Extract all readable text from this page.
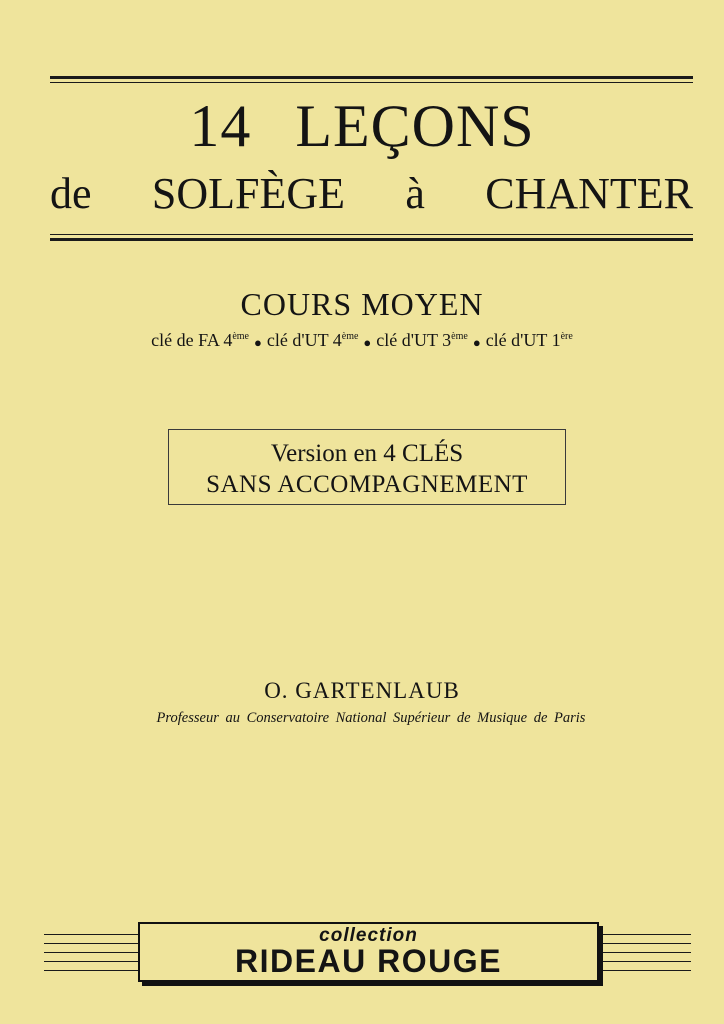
14 LEÇONS
de SOLFÈGE à CHANTER
COURS MOYEN
clé de FA 4ème ● clé d'UT 4ème ● clé d'UT 3ème ● clé d'UT 1ère
Version en 4 CLÉS
SANS ACCOMPAGNEMENT
O. GARTENLAUB
Professeur au Conservatoire National Supérieur de Musique de Paris
collection
RIDEAU ROUGE
